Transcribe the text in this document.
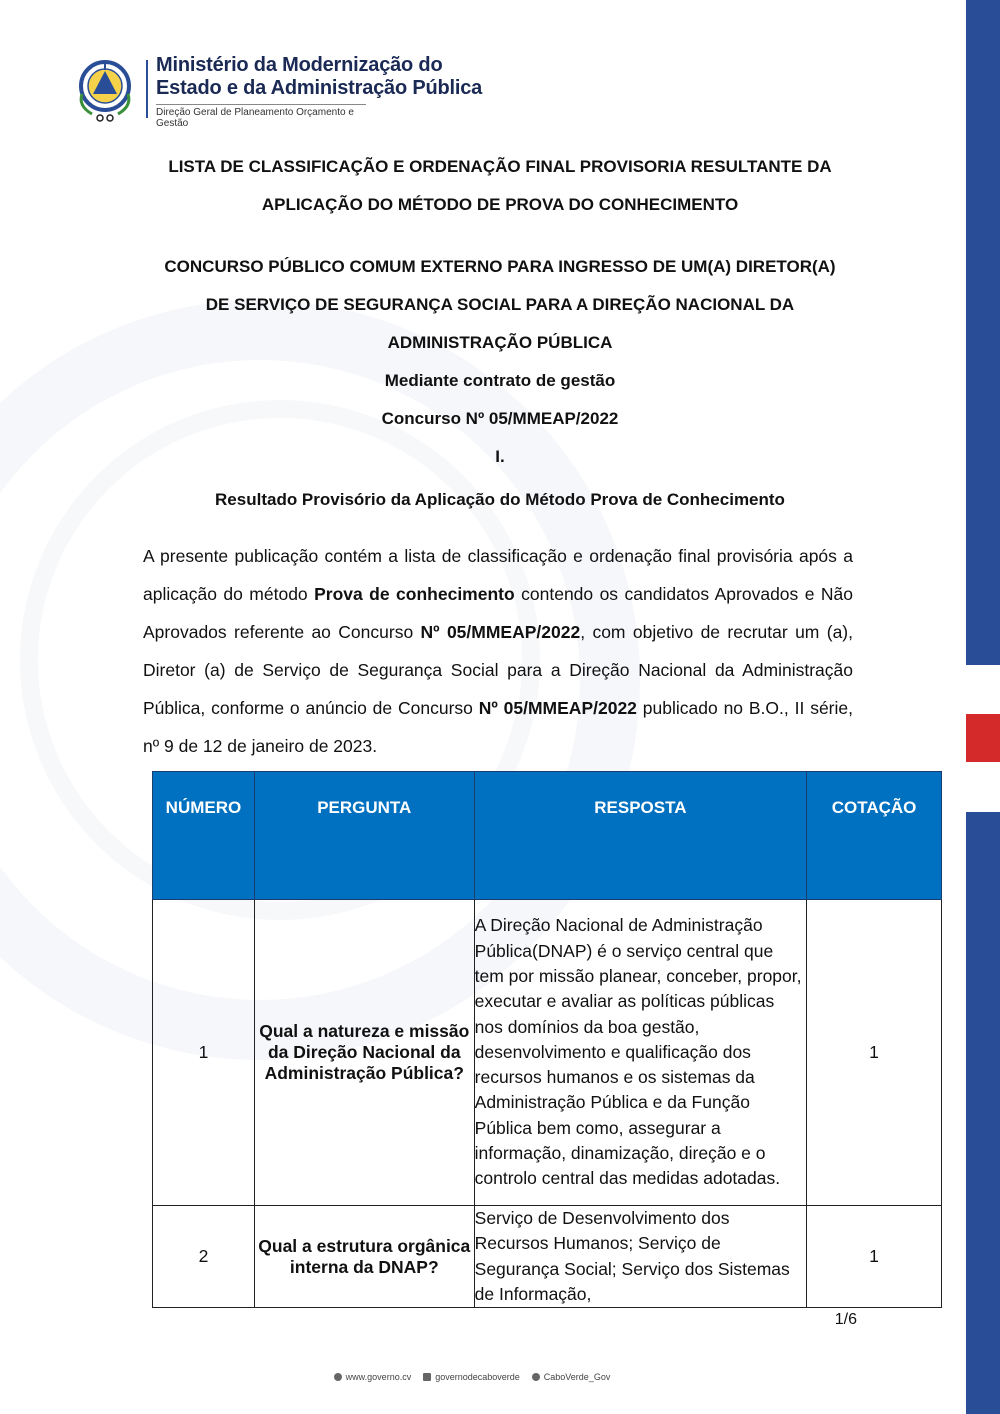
Ministério da Modernização do
Estado e da Administração Pública
Direção Geral de Planeamento Orçamento e Gestão
LISTA DE CLASSIFICAÇÃO E ORDENAÇÃO FINAL PROVISORIA RESULTANTE DA
APLICAÇÃO DO MÉTODO DE PROVA DO CONHECIMENTO
CONCURSO PÚBLICO COMUM EXTERNO PARA INGRESSO DE UM(A) DIRETOR(A)
DE SERVIÇO DE SEGURANÇA SOCIAL PARA A DIREÇÃO NACIONAL DA
ADMINISTRAÇÃO PÚBLICA
Mediante contrato de gestão
Concurso Nº 05/MMEAP/2022
I.
Resultado Provisório da Aplicação do Método Prova de Conhecimento
A presente publicação contém a lista de classificação e ordenação final provisória após a aplicação do método Prova de conhecimento contendo os candidatos Aprovados e Não Aprovados referente ao Concurso Nº 05/MMEAP/2022, com objetivo de recrutar um (a), Diretor (a) de Serviço de Segurança Social para a Direção Nacional da Administração Pública, conforme o anúncio de Concurso Nº 05/MMEAP/2022 publicado no B.O., II série, nº 9 de 12 de janeiro de 2023.
NÚMERO	PERGUNTA	RESPOSTA	COTAÇÃO
1	Qual a natureza e missão da Direção Nacional da Administração Pública?	A Direção Nacional de Administração Pública(DNAP) é o serviço central que tem por missão planear, conceber, propor, executar e avaliar as políticas públicas nos domínios da boa gestão, desenvolvimento e qualificação dos recursos humanos e os sistemas da Administração Pública e da Função Pública bem como, assegurar a informação, dinamização, direção e o controlo central das medidas adotadas.	1
2	Qual a estrutura orgânica interna da DNAP?	Serviço de Desenvolvimento dos Recursos Humanos; Serviço de Segurança Social; Serviço dos Sistemas de Informação,	1
1/6
www.governo.cv	governodecaboverde	CaboVerde_Gov
